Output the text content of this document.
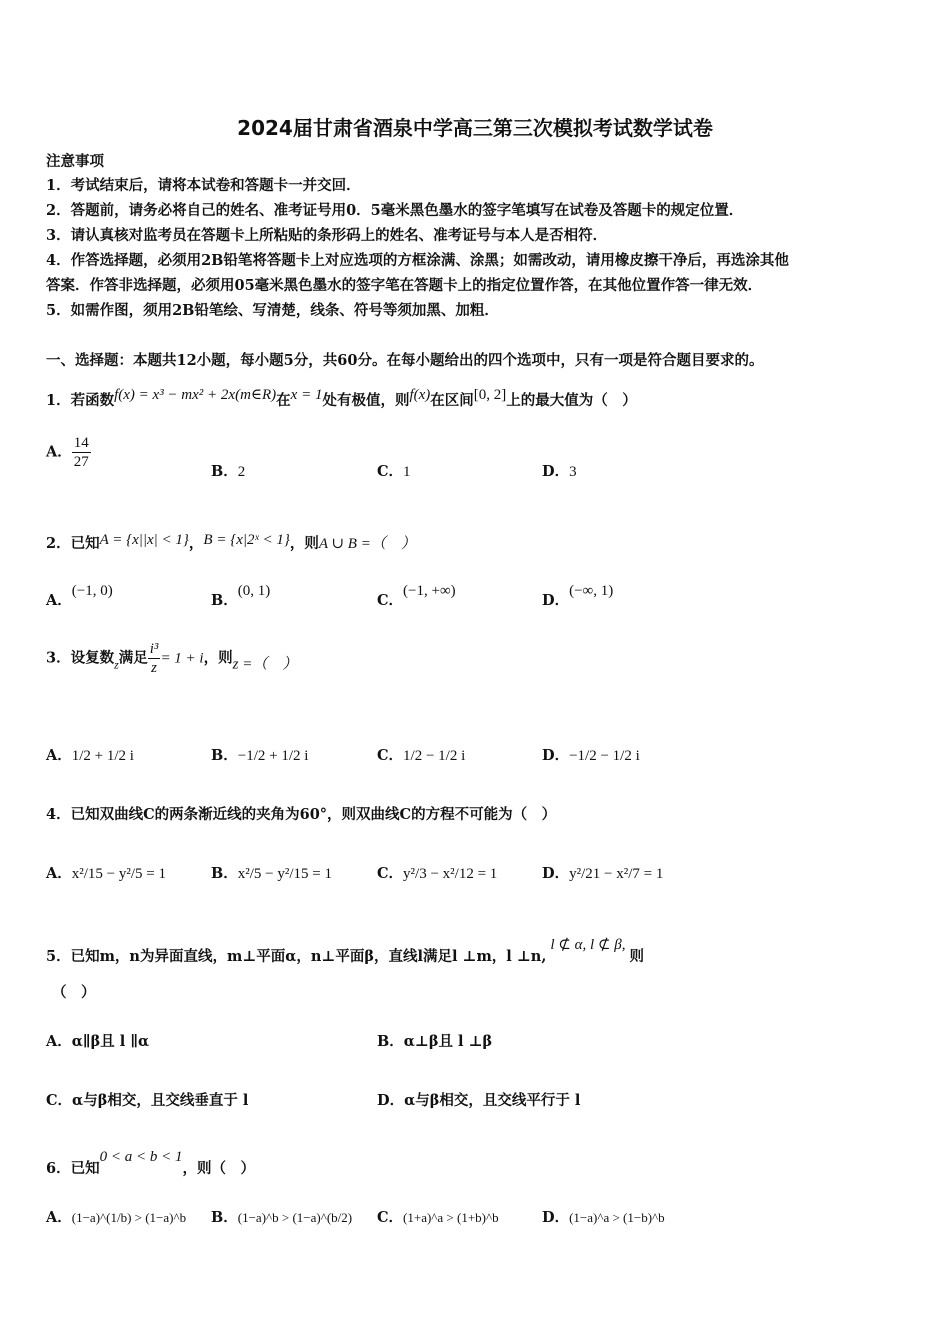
2024届甘肃省酒泉中学高三第三次模拟考试数学试卷
注意事项
1．考试结束后，请将本试卷和答题卡一并交回．
2．答题前，请务必将自己的姓名、准考证号用0．5毫米黑色墨水的签字笔填写在试卷及答题卡的规定位置．
3．请认真核对监考员在答题卡上所粘贴的条形码上的姓名、准考证号与本人是否相符．
4．作答选择题，必须用2B铅笔将答题卡上对应选项的方框涂满、涂黑；如需改动，请用橡皮擦干净后，再选涂其他
答案．作答非选择题，必须用05毫米黑色墨水的签字笔在答题卡上的指定位置作答，在其他位置作答一律无效．
5．如需作图，须用2B铅笔绘、写清楚，线条、符号等须加黑、加粗．
一、选择题：本题共12小题，每小题5分，共60分。在每小题给出的四个选项中，只有一项是符合题目要求的。
1．若函数f(x) = x³ − mx² + 2x(m∈R)在x = 1处有极值，则f(x)在区间[0, 2]上的最大值为（　）
A． $\frac{14}{27}$
B．2	C．1	D．3
2．已知A = {x||x| < 1}，B = {x|2ˣ < 1}，则A ∪ B =（　）
A．(−1, 0)
B．(0, 1)
C．(−1, +∞)
D．(−∞, 1)
3．设复数$_z$满足 $\frac{\text{i³}}{z} = 1 + i$，则z =（　）
A．1/2 + 1/2 i	B．−1/2 + 1/2 i	C．1/2 − 1/2 i	D．−1/2 − 1/2 i
4．已知双曲线C的两条渐近线的夹角为60°，则双曲线C的方程不可能为（　）
A．x²/15 − y²/5 = 1	B．x²/5 − y²/15 = 1	C．y²/3 − x²/12 = 1	D．y²/21 − x²/7 = 1
5．已知m，n为异面直线，m⊥平面α，n⊥平面β，直线l满足l ⊥m，l ⊥n,l ⊄ α, l ⊄ β,则
（　）
A．α∥β且 l ∥α	B．α⊥β且 l ⊥β
C．α与β相交，且交线垂直于 l	D．α与β相交，且交线平行于 l
6．已知0 < a < b < 1，则（　）
A．(1−a)^(1/b) > (1−a)^b B．(1−a)^b > (1−a)^(b/2) C．(1+a)^a > (1+b)^b	D．(1−a)^a > (1−b)^b
